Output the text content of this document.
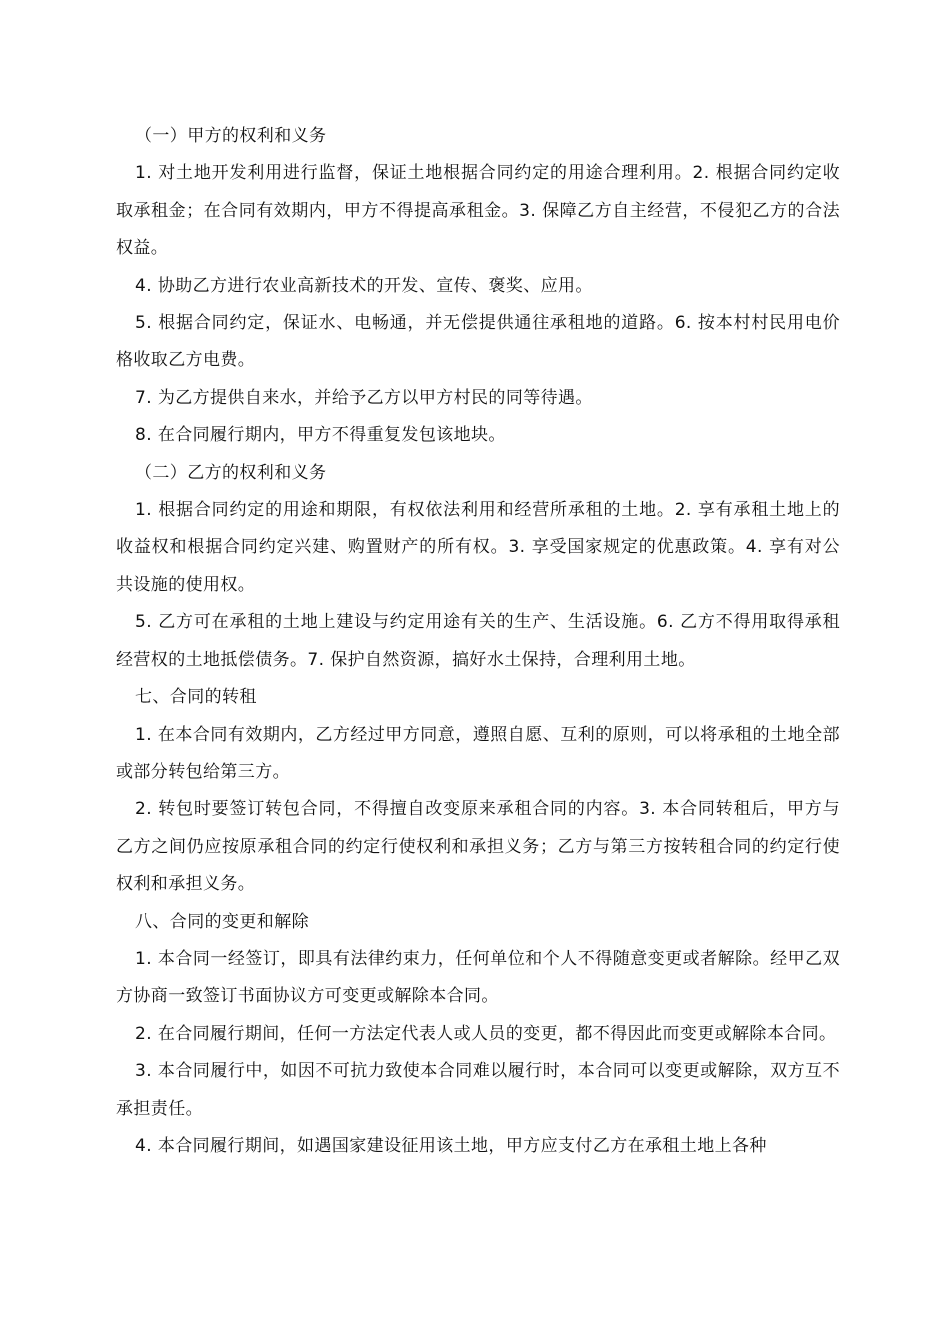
（一）甲方的权利和义务

1. 对土地开发利用进行监督，保证土地根据合同约定的用途合理利用。2. 根据合同约定收取承租金；在合同有效期内，甲方不得提高承租金。3. 保障乙方自主经营，不侵犯乙方的合法权益。

4. 协助乙方进行农业高新技术的开发、宣传、褒奖、应用。

5. 根据合同约定，保证水、电畅通，并无偿提供通往承租地的道路。6. 按本村村民用电价格收取乙方电费。

7. 为乙方提供自来水，并给予乙方以甲方村民的同等待遇。

8. 在合同履行期内，甲方不得重复发包该地块。

（二）乙方的权利和义务

1. 根据合同约定的用途和期限，有权依法利用和经营所承租的土地。2. 享有承租土地上的收益权和根据合同约定兴建、购置财产的所有权。3. 享受国家规定的优惠政策。4. 享有对公共设施的使用权。

5. 乙方可在承租的土地上建设与约定用途有关的生产、生活设施。6. 乙方不得用取得承租经营权的土地抵偿债务。7. 保护自然资源，搞好水土保持，合理利用土地。

七、合同的转租

1. 在本合同有效期内，乙方经过甲方同意，遵照自愿、互利的原则，可以将承租的土地全部或部分转包给第三方。

2. 转包时要签订转包合同，不得擅自改变原来承租合同的内容。3. 本合同转租后，甲方与乙方之间仍应按原承租合同的约定行使权利和承担义务；乙方与第三方按转租合同的约定行使权利和承担义务。

八、合同的变更和解除

1. 本合同一经签订，即具有法律约束力，任何单位和个人不得随意变更或者解除。经甲乙双方协商一致签订书面协议方可变更或解除本合同。

2. 在合同履行期间，任何一方法定代表人或人员的变更，都不得因此而变更或解除本合同。

3. 本合同履行中，如因不可抗力致使本合同难以履行时，本合同可以变更或解除，双方互不承担责任。

4. 本合同履行期间，如遇国家建设征用该土地，甲方应支付乙方在承租土地上各种
